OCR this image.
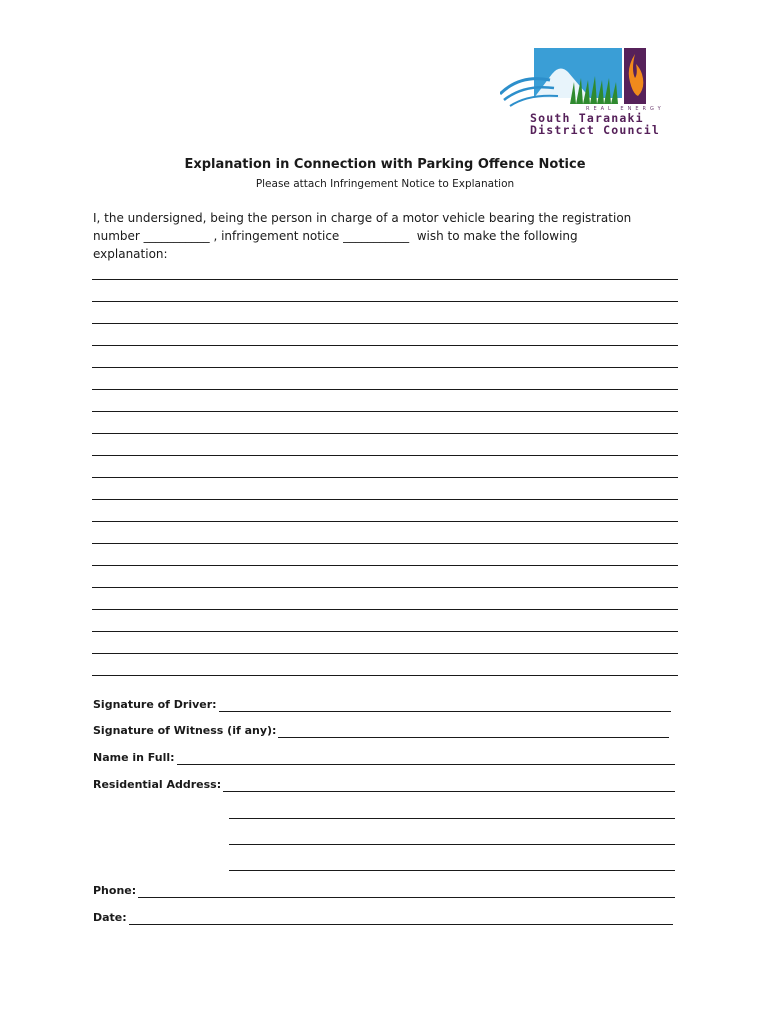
REAL ENERGY
South Taranaki
District Council
Explanation in Connection with Parking Offence Notice
Please attach Infringement Notice to Explanation
I, the undersigned, being the person in charge of a motor vehicle bearing the registration
number ___________ , infringement notice ___________  wish to make the following
explanation:
Signature of Driver:
Signature of Witness (if any):
Name in Full:
Residential Address:
Phone:
Date:
